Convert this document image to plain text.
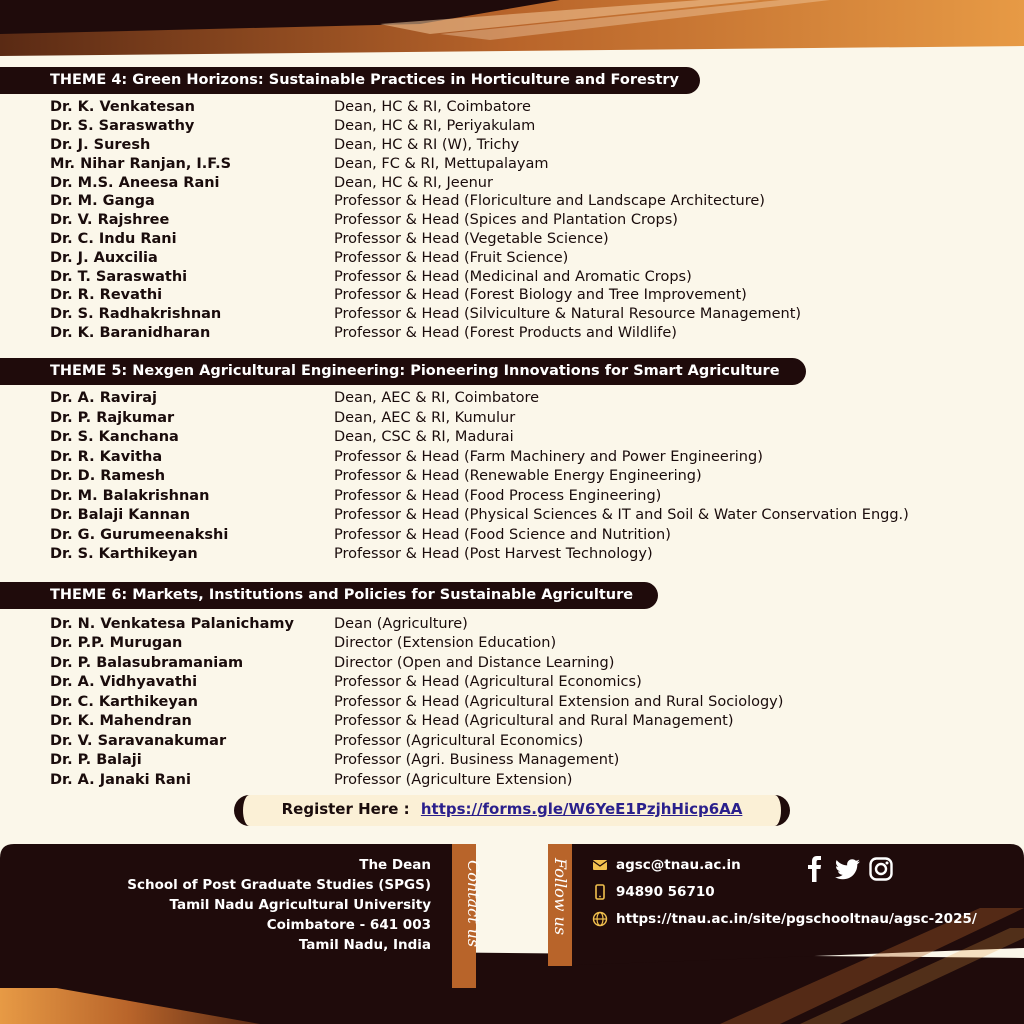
THEME 4: Green Horizons: Sustainable Practices in Horticulture and Forestry
Dr. K. Venkatesan	Dean, HC & RI, Coimbatore
Dr. S. Saraswathy	Dean, HC & RI, Periyakulam
Dr. J. Suresh	Dean, HC & RI (W), Trichy
Mr. Nihar Ranjan, I.F.S	Dean, FC & RI, Mettupalayam
Dr. M.S. Aneesa Rani	Dean, HC & RI, Jeenur
Dr. M. Ganga	Professor & Head (Floriculture and Landscape Architecture)
Dr. V. Rajshree	Professor & Head (Spices and Plantation Crops)
Dr. C. Indu Rani	Professor & Head (Vegetable Science)
Dr. J. Auxcilia	Professor & Head (Fruit Science)
Dr. T. Saraswathi	Professor & Head (Medicinal and Aromatic Crops)
Dr. R. Revathi	Professor & Head (Forest Biology and Tree Improvement)
Dr. S. Radhakrishnan	Professor & Head (Silviculture & Natural Resource Management)
Dr. K. Baranidharan	Professor & Head (Forest Products and Wildlife)
THEME 5: Nexgen Agricultural Engineering: Pioneering Innovations for Smart Agriculture
Dr. A. Raviraj	Dean, AEC & RI, Coimbatore
Dr. P. Rajkumar	Dean, AEC & RI, Kumulur
Dr. S. Kanchana	Dean, CSC & RI, Madurai
Dr. R. Kavitha	Professor & Head (Farm Machinery and Power Engineering)
Dr. D. Ramesh	Professor & Head (Renewable Energy Engineering)
Dr. M. Balakrishnan	Professor & Head (Food Process Engineering)
Dr. Balaji Kannan	Professor & Head (Physical Sciences & IT and Soil & Water Conservation Engg.)
Dr. G. Gurumeenakshi	Professor & Head (Food Science and Nutrition)
Dr. S. Karthikeyan	Professor & Head (Post Harvest Technology)
THEME 6: Markets, Institutions and Policies for Sustainable Agriculture
Dr. N. Venkatesa Palanichamy	Dean (Agriculture)
Dr. P.P. Murugan	Director (Extension Education)
Dr. P. Balasubramaniam	Director (Open and Distance Learning)
Dr. A. Vidhyavathi	Professor & Head (Agricultural Economics)
Dr. C. Karthikeyan	Professor & Head (Agricultural Extension and Rural Sociology)
Dr. K. Mahendran	Professor & Head (Agricultural and Rural Management)
Dr. V. Saravanakumar	Professor (Agricultural Economics)
Dr. P. Balaji	Professor (Agri. Business Management)
Dr. A. Janaki Rani	Professor (Agriculture Extension)
Register Here : https://forms.gle/W6YeE1PzjhHicp6AA
The Dean
School of Post Graduate Studies (SPGS)
Tamil Nadu Agricultural University
Coimbatore - 641 003
Tamil Nadu, India Contact us	Follow us	agsc@tnau.ac.in
94890 56710
https://tnau.ac.in/site/pgschooltnau/agsc-2025/
